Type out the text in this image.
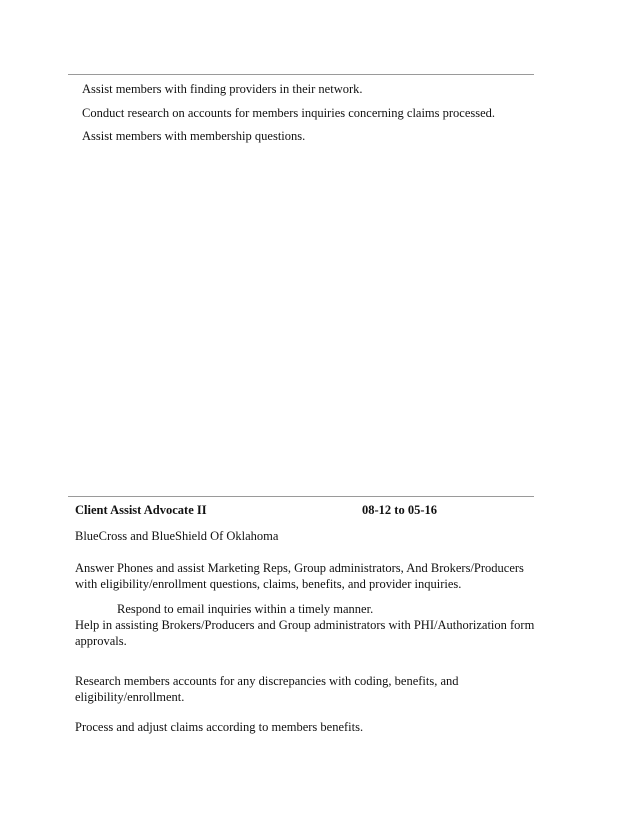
Assist members with finding providers in their network.
Conduct research on accounts for members inquiries concerning claims processed.
Assist members with membership questions.
Client Assist Advocate II	08-12 to 05-16
BlueCross and BlueShield Of Oklahoma
Answer Phones and assist Marketing Reps, Group administrators, And Brokers/Producers
with eligibility/enrollment questions, claims, benefits, and provider inquiries.
Respond to email inquiries within a timely manner.
Help in assisting Brokers/Producers and Group administrators with PHI/Authorization form
approvals.
Research members accounts for any discrepancies with coding, benefits, and
eligibility/enrollment.
Process and adjust claims according to members benefits.
